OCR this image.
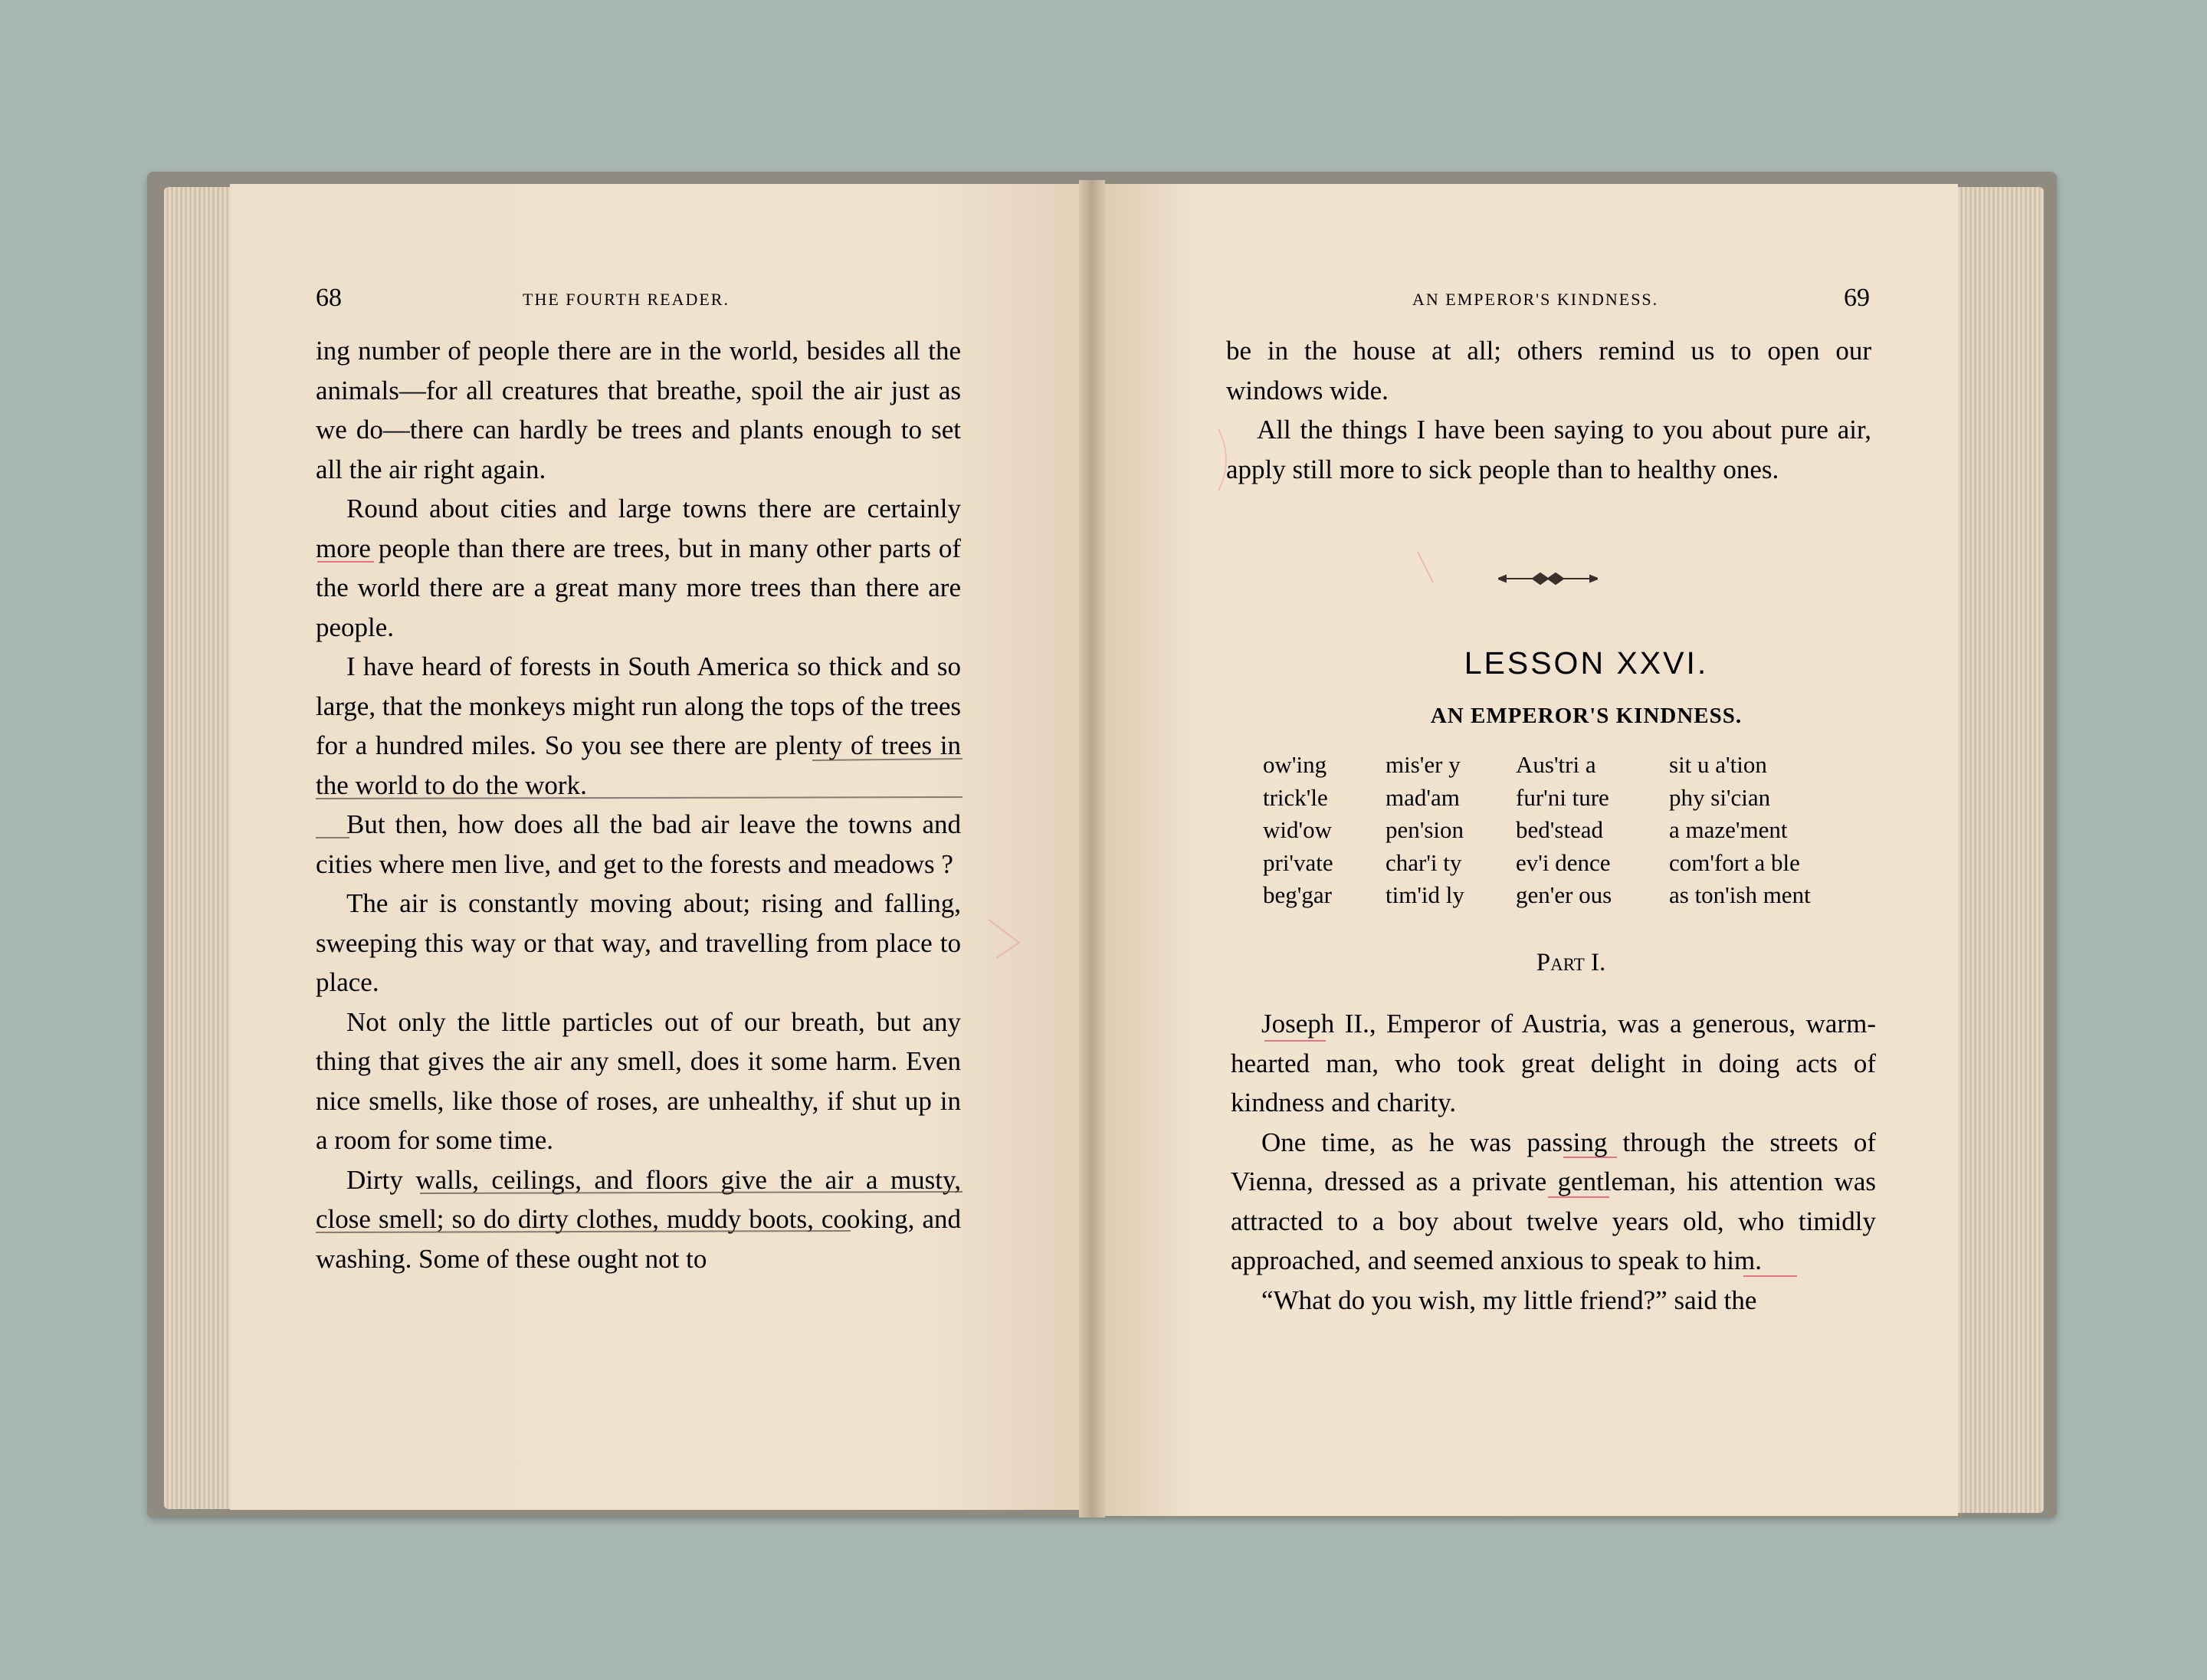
68	THE FOURTH READER.

ing number of people there are in the world, besides all the animals—for all creatures that breathe, spoil the air just as we do—there can hardly be trees and plants enough to set all the air right again.

Round about cities and large towns there are certainly more people than there are trees, but in many other parts of the world there are a great many more trees than there are people.

I have heard of forests in South America so thick and so large, that the monkeys might run along the tops of the trees for a hundred miles. So you see there are plenty of trees in the world to do the work.

But then, how does all the bad air leave the towns and cities where men live, and get to the forests and meadows ?

The air is constantly moving about; rising and falling, sweeping this way or that way, and travelling from place to place.

Not only the little particles out of our breath, but any thing that gives the air any smell, does it some harm. Even nice smells, like those of roses, are unhealthy, if shut up in a room for some time.

Dirty walls, ceilings, and floors give the air a musty, close smell; so do dirty clothes, muddy boots, cooking, and washing. Some of these ought not to

AN EMPEROR'S KINDNESS.	69

be in the house at all; others remind us to open our windows wide.

All the things I have been saying to you about pure air, apply still more to sick people than to healthy ones.

LESSON XXVI.
AN EMPEROR'S KINDNESS.
ow'ing	mis'er y	Aus'tri a	sit u a'tion
trick'le	mad'am	fur'ni ture	phy si'cian
wid'ow	pen'sion	bed'stead	a maze'ment
pri'vate	char'i ty	ev'i dence	com'fort a ble
beg'gar	tim'id ly	gen'er ous	as ton'ish ment
Part I.

Joseph II., Emperor of Austria, was a generous, warm-hearted man, who took great delight in doing acts of kindness and charity.

One time, as he was passing through the streets of Vienna, dressed as a private gentleman, his attention was attracted to a boy about twelve years old, who timidly approached, and seemed anxious to speak to him.

“What do you wish, my little friend?” said the
